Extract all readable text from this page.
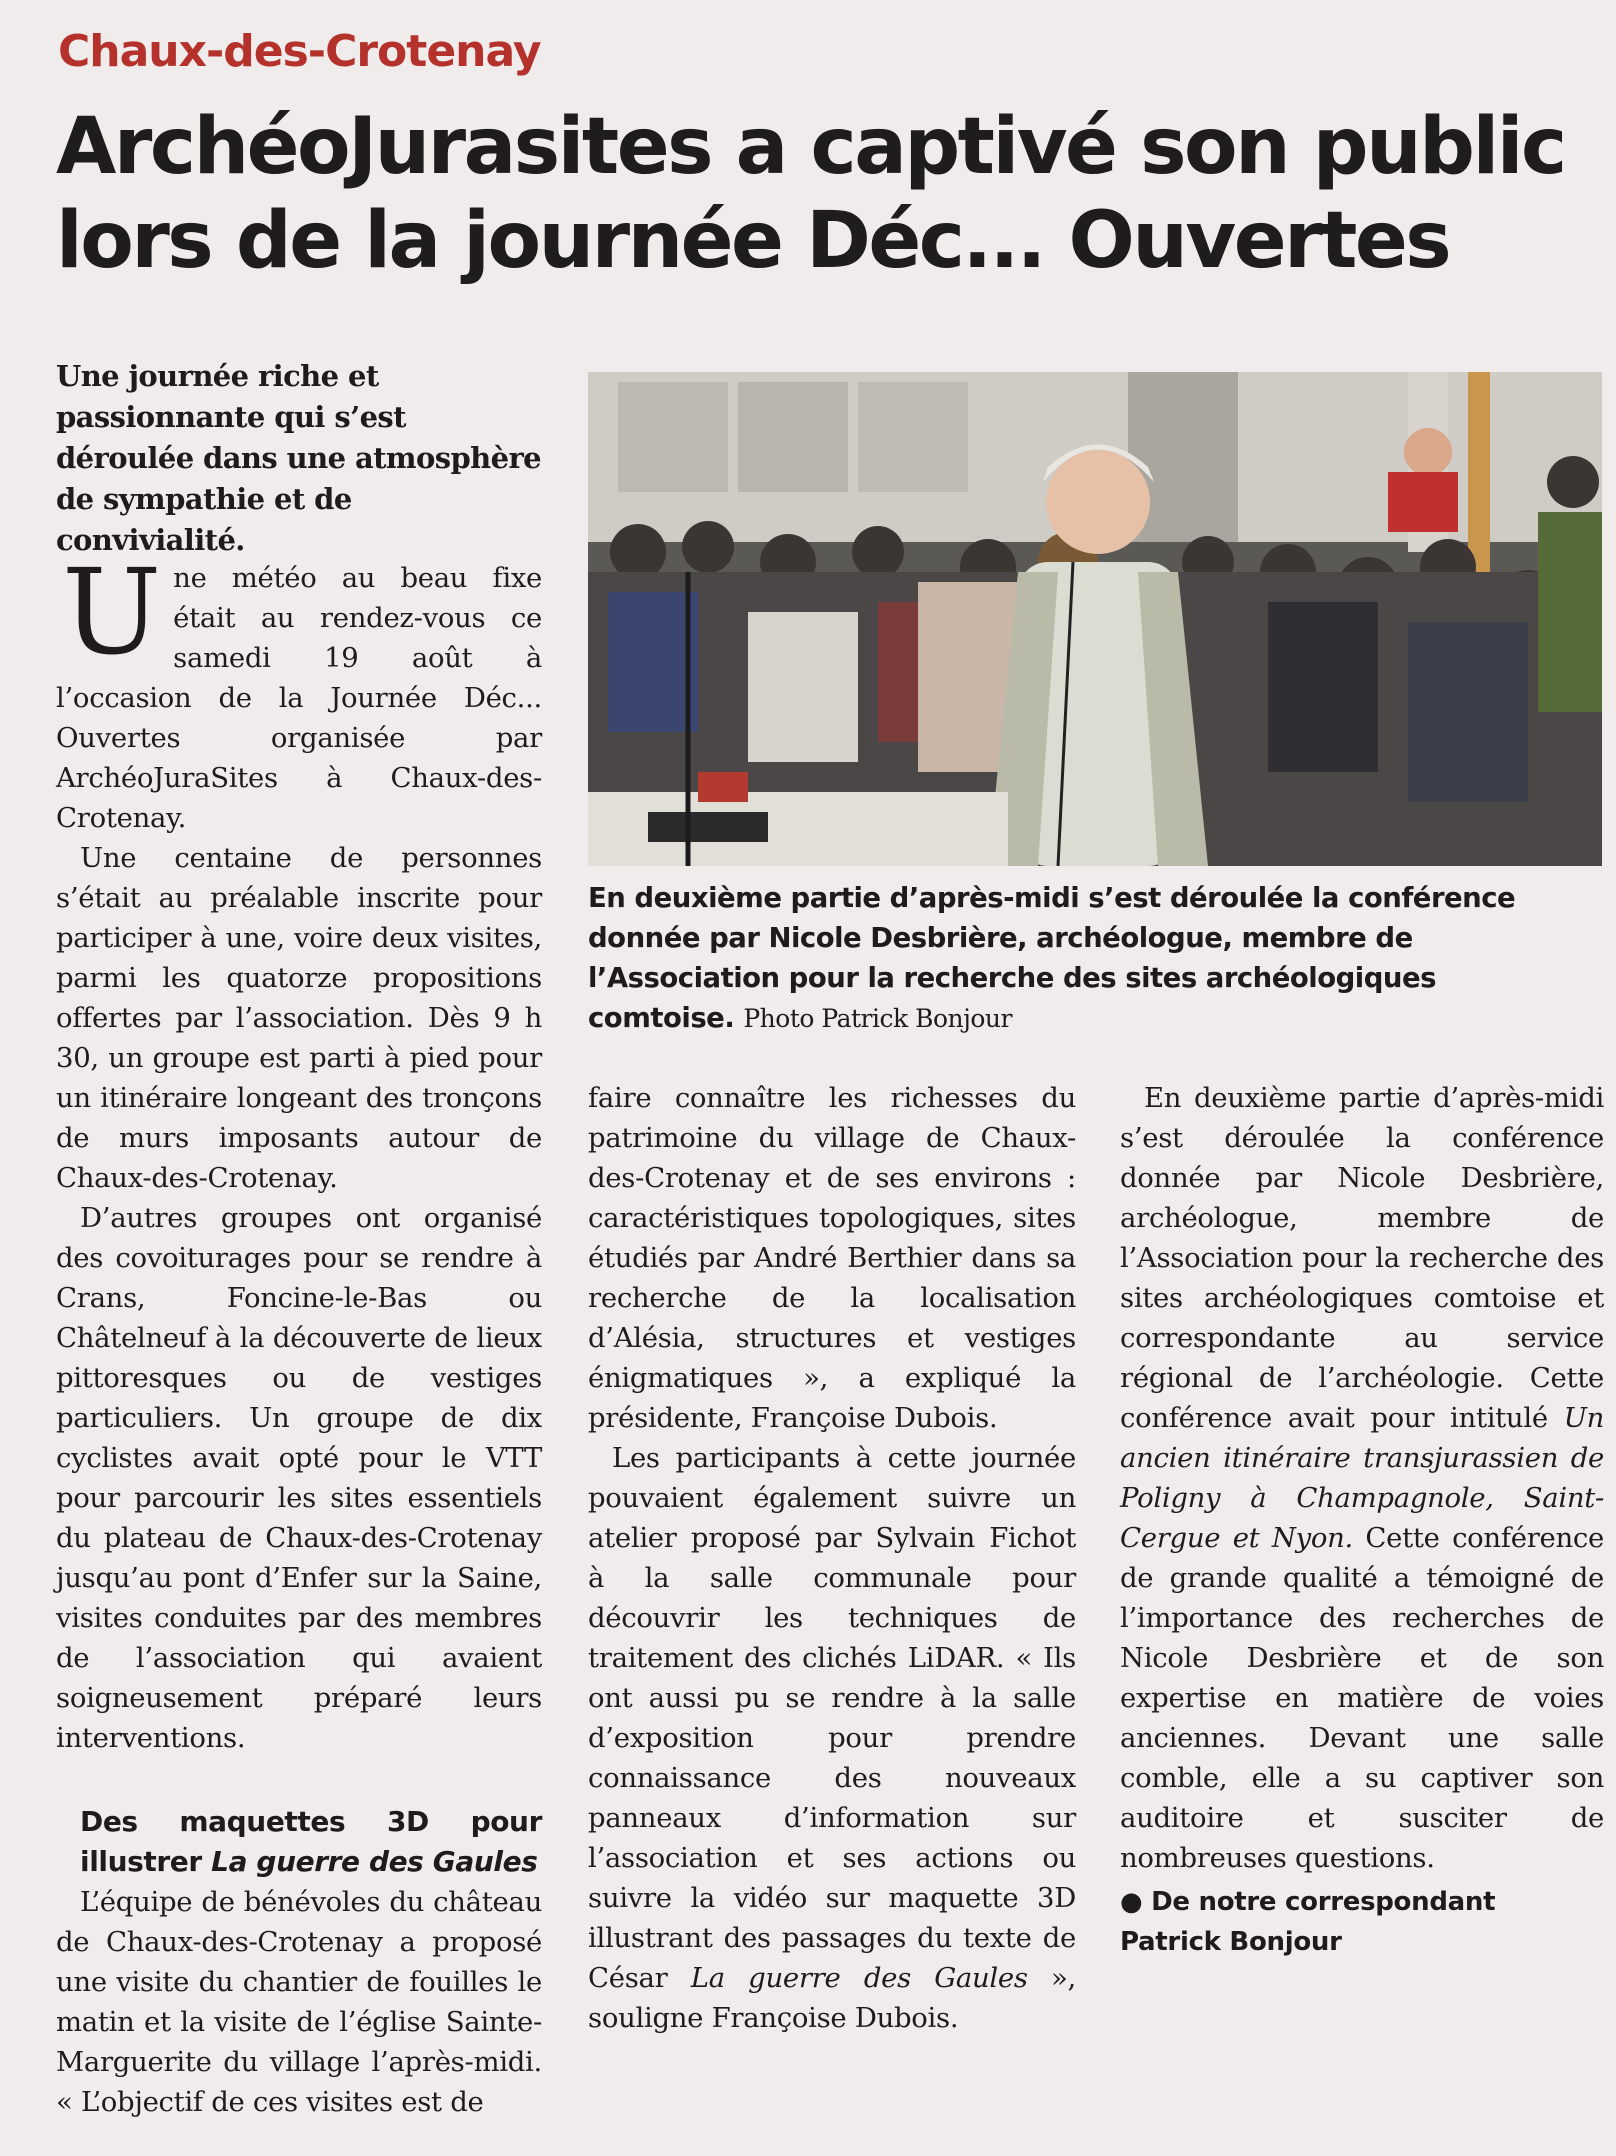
Chaux-des-Crotenay
ArchéoJurasites a captivé son public lors de la journée Déc... Ouvertes
Une journée riche et passionnante qui s’est déroulée dans une atmosphère de sympathie et de convivialité.
En deuxième partie d’après-midi s’est déroulée la conférence donnée par Nicole Desbrière, archéologue, membre de l’Association pour la recherche des sites archéologiques comtoise. Photo Patrick Bonjour

Une météo au beau fixe était au rendez-vous ce samedi 19 août à l’occasion de la Journée Déc... Ouvertes organisée par ArchéoJuraSites à Chaux-des-Crotenay.

Une centaine de personnes s’était au préalable inscrite pour participer à une, voire deux visites, parmi les quatorze propositions offertes par l’association. Dès 9 h 30, un groupe est parti à pied pour un itinéraire longeant des tronçons de murs imposants autour de Chaux-des-Crotenay.

D’autres groupes ont organisé des covoiturages pour se rendre à Crans, Foncine-le-Bas ou Châtelneuf à la découverte de lieux pittoresques ou de vestiges particuliers. Un groupe de dix cyclistes avait opté pour le VTT pour parcourir les sites essentiels du plateau de Chaux-des-Crotenay jusqu’au pont d’Enfer sur la Saine, visites conduites par des membres de l’association qui avaient soigneusement préparé leurs interventions.

Des maquettes 3D pour illustrer La guerre des Gaules

L’équipe de bénévoles du château de Chaux-des-Crotenay a proposé une visite du chantier de fouilles le matin et la visite de l’église Sainte-Marguerite du village l’après-midi. « L’objectif de ces visites est de

faire connaître les richesses du patrimoine du village de Chaux-des-Crotenay et de ses environs : caractéristiques topologiques, sites étudiés par André Berthier dans sa recherche de la localisation d’Alésia, structures et vestiges énigmatiques », a expliqué la présidente, Françoise Dubois.

Les participants à cette journée pouvaient également suivre un atelier proposé par Sylvain Fichot à la salle communale pour découvrir les techniques de traitement des clichés LiDAR. « Ils ont aussi pu se rendre à la salle d’exposition pour prendre connaissance des nouveaux panneaux d’information sur l’association et ses actions ou suivre la vidéo sur maquette 3D illustrant des passages du texte de César La guerre des Gaules », souligne Françoise Dubois.

En deuxième partie d’après-midi s’est déroulée la conférence donnée par Nicole Desbrière, archéologue, membre de l’Association pour la recherche des sites archéologiques comtoise et correspondante au service régional de l’archéologie. Cette conférence avait pour intitulé Un ancien itinéraire transjurassien de Poligny à Champagnole, Saint-Cergue et Nyon. Cette conférence de grande qualité a témoigné de l’importance des recherches de Nicole Desbrière et de son expertise en matière de voies anciennes. Devant une salle comble, elle a su captiver son auditoire et susciter de nombreuses questions.

● De notre correspondant
Patrick Bonjour
